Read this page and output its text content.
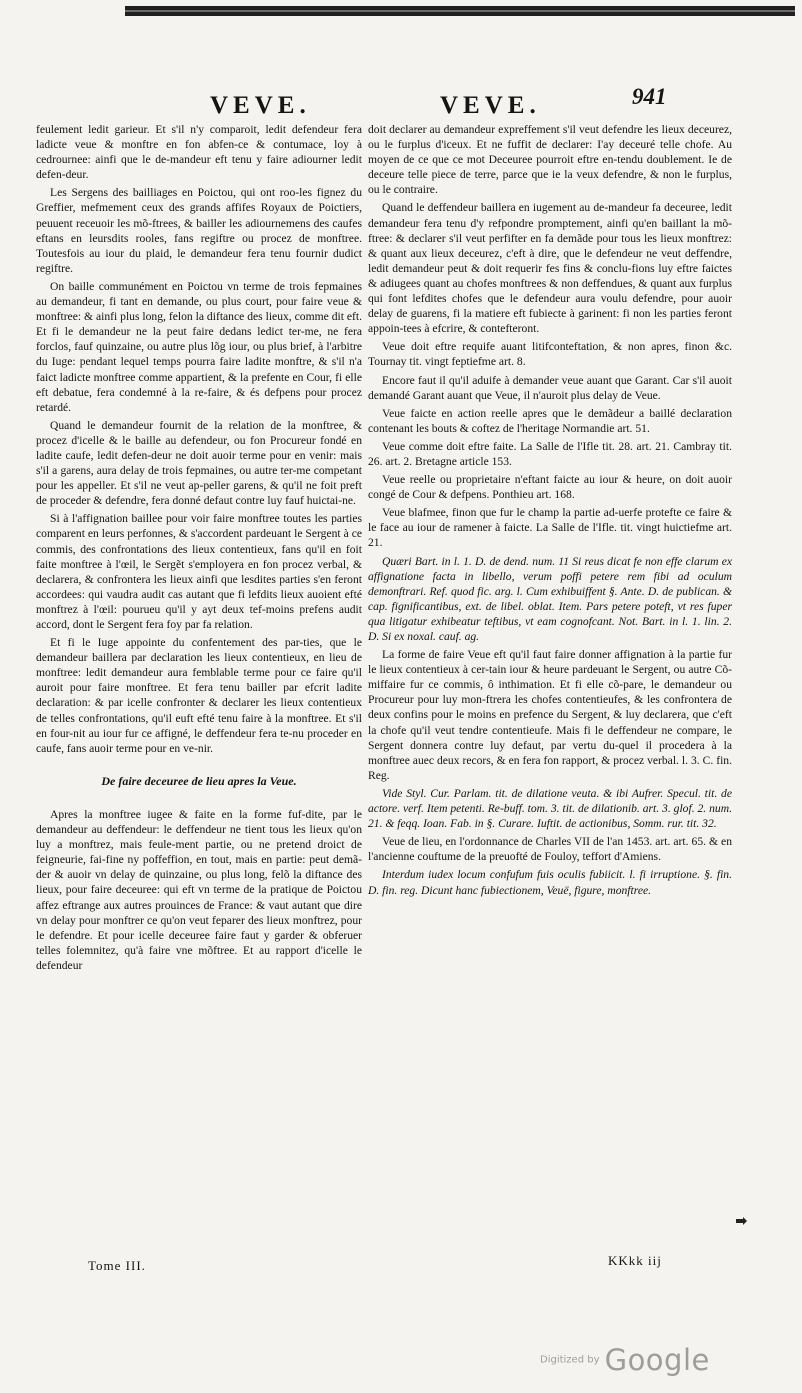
VEVE.	VEVE.	941

feulement ledit garieur. Et s'il n'y comparoit, ledit defendeur fera ladicte veue & monftre en fon abfen-ce & contumace, loy à cedrournee: ainfi que le de-mandeur eft tenu y faire adiourner ledit defen-deur.

Les Sergens des bailliages en Poictou, qui ont roo-les fignez du Greffier, mefmement ceux des grands affifes Royaux de Poictiers, peuuent receuoir les mõ-ftrees, & bailler les adiournemens des caufes eftans en leursdits rooles, fans regiftre ou procez de monftree. Toutesfois au iour du plaid, le demandeur fera tenu fournir dudict regiftre.

On baille communément en Poictou vn terme de trois fepmaines au demandeur, fi tant en demande, ou plus court, pour faire veue & monftree: & ainfi plus long, felon la diftance des lieux, comme dit eft. Et fi le demandeur ne la peut faire dedans ledict ter-me, ne fera forclos, fauf quinzaine, ou autre plus lõg iour, ou plus brief, à l'arbitre du Iuge: pendant lequel temps pourra faire ladite monftre, & s'il n'a faict ladicte monftree comme appartient, & la prefente en Cour, fi elle eft debatue, fera condemné à la re-faire, & és defpens pour procez retardé.

Quand le demandeur fournit de la relation de la monftree, & procez d'icelle & le baille au defendeur, ou fon Procureur fondé en ladite caufe, ledit defen-deur ne doit auoir terme pour en venir: mais s'il a garens, aura delay de trois fepmaines, ou autre ter-me competant pour les appeller. Et s'il ne veut ap-peller garens, & qu'il ne foit preft de proceder & defendre, fera donné defaut contre luy fauf huictai-ne.

Si à l'affignation baillee pour voir faire monftree toutes les parties comparent en leurs perfonnes, & s'accordent pardeuant le Sergent à ce commis, des confrontations des lieux contentieux, fans qu'il en foit faite monftree à l'œil, le Sergẽt s'employera en fon procez verbal, & declarera, & confrontera les lieux ainfi que lesdites parties s'en feront accordees: qui vaudra audit cas autant que fi lefdits lieux auoient efté monftrez à l'œil: pourueu qu'il y ayt deux tef-moins prefens audit accord, dont le Sergent fera foy par fa relation.

Et fi le Iuge appointe du confentement des par-ties, que le demandeur baillera par declaration les lieux contentieux, en lieu de monftree: ledit demandeur aura femblable terme pour ce faire qu'il auroit pour faire monftree. Et fera tenu bailler par efcrit ladite declaration: & par icelle confronter & declarer les lieux contentieux de telles confrontations, qu'il euft efté tenu faire à la monftree. Et s'il en four-nit au iour fur ce affigné, le deffendeur fera te-nu proceder en caufe, fans auoir terme pour en ve-nir.

De faire deceuree de lieu apres la Veue.

Apres la monftree iugee & faite en la forme fuf-dite, par le demandeur au deffendeur: le deffendeur ne tient tous les lieux qu'on luy a monftrez, mais feule-ment partie, ou ne pretend droict de feigneurie, fai-fine ny poffeffion, en tout, mais en partie: peut demã-der & auoir vn delay de quinzaine, ou plus long, felõ la diftance des lieux, pour faire deceuree: qui eft vn terme de la pratique de Poictou affez eftrange aux autres prouinces de France: & vaut autant que dire vn delay pour monftrer ce qu'on veut feparer des lieux monftrez, pour le defendre. Et pour icelle deceuree faire faut y garder & obferuer telles folemnitez, qu'à faire vne mõftree. Et au rapport d'icelle le defendeur

doit declarer au demandeur expreffement s'il veut defendre les lieux deceurez, ou le furplus d'iceux. Et ne fuffit de declarer: I'ay deceuré telle chofe. Au moyen de ce que ce mot Deceuree pourroit eftre en-tendu doublement. Ie de deceure telle piece de terre, parce que ie la veux defendre, & non le furplus, ou le contraire.

Quand le deffendeur baillera en iugement au de-mandeur fa deceuree, ledit demandeur fera tenu d'y refpondre promptement, ainfi qu'en baillant la mõ-ftree: & declarer s'il veut perfifter en fa demãde pour tous les lieux monftrez: & quant aux lieux deceurez, c'eft à dire, que le defendeur ne veut deffendre, ledit demandeur peut & doit requerir fes fins & conclu-fions luy eftre faictes & adiugees quant au chofes monftrees & non deffendues, & quant aux furplus qui font lefdites chofes que le defendeur aura voulu defendre, pour auoir delay de guarens, fi la matiere eft fubiecte à garinent: fi non les parties feront appoin-tees à efcrire, & contefteront.

Veue doit eftre requife auant litifconteftation, & non apres, finon &c. Tournay tit. vingt feptiefme art. 8.

Encore faut il qu'il aduife à demander veue auant que Garant. Car s'il auoit demandé Garant auant que Veue, il n'auroit plus delay de Veue.

Veue faicte en action reelle apres que le demãdeur a baillé declaration contenant les bouts & coftez de l'heritage Normandie art. 51.

Veue comme doit eftre faite. La Salle de l'Ifle tit. 28. art. 21. Cambray tit. 26. art. 2. Bretagne article 153.

Veue reelle ou proprietaire n'eftant faicte au iour & heure, on doit auoir congé de Cour & defpens. Ponthieu art. 168.

Veue blafmee, finon que fur le champ la partie ad-uerfe protefte ce faire & le face au iour de ramener à faicte. La Salle de l'Ifle. tit. vingt huictiefme art. 21.

Quæri Bart. in l. 1. D. de dend. num. 11 Si reus dicat fe non effe clarum ex affignatione facta in libello, verum poffi petere rem fibi ad oculum demonftrari. Ref. quod fic. arg. l. Cum exhibuiffent §. Ante. D. de publican. & cap. fignificantibus, ext. de libel. oblat. Item. Pars petere poteft, vt res fuper qua litigatur exhibeatur teftibus, vt eam cognofcant. Not. Bart. in l. 1. lin. 2. D. Si ex noxal. cauf. ag.

La forme de faire Veue eft qu'il faut faire donner affignation à la partie fur le lieux contentieux à cer-tain iour & heure pardeuant le Sergent, ou autre Cõ-miffaire fur ce commis, ô inthimation. Et fi elle cõ-pare, le demandeur ou Procureur pour luy mon-ftrera les chofes contentieufes, & les confrontera de deux confins pour le moins en prefence du Sergent, & luy declarera, que c'eft la chofe qu'il veut tendre contentieufe. Mais fi le deffendeur ne compare, le Sergent donnera contre luy defaut, par vertu du-quel il procedera à la monftree auec deux recors, & en fera fon rapport, & procez verbal. l. 3. C. fin. Reg.

Vide Styl. Cur. Parlam. tit. de dilatione veuta. & ibi Aufrer. Specul. tit. de actore. verf. Item petenti. Re-buff. tom. 3. tit. de dilationib. art. 3. glof. 2. num. 21. & feqq. Ioan. Fab. in §. Curare. Iuftit. de actionibus, Somm. rur. tit. 32.

Veue de lieu, en l'ordonnance de Charles VII de l'an 1453. art. art. 65. & en l'ancienne couftume de la preuofté de Fouloy, teffort d'Amiens.

Interdum iudex locum confufum fuis oculis fubiicit. l. fi irruptione. §. fin. D. fin. reg. Dicunt hanc fubiectionem, Veuë, figure, monftree.

Tome III.	KKkk iij
Digitized by Google
